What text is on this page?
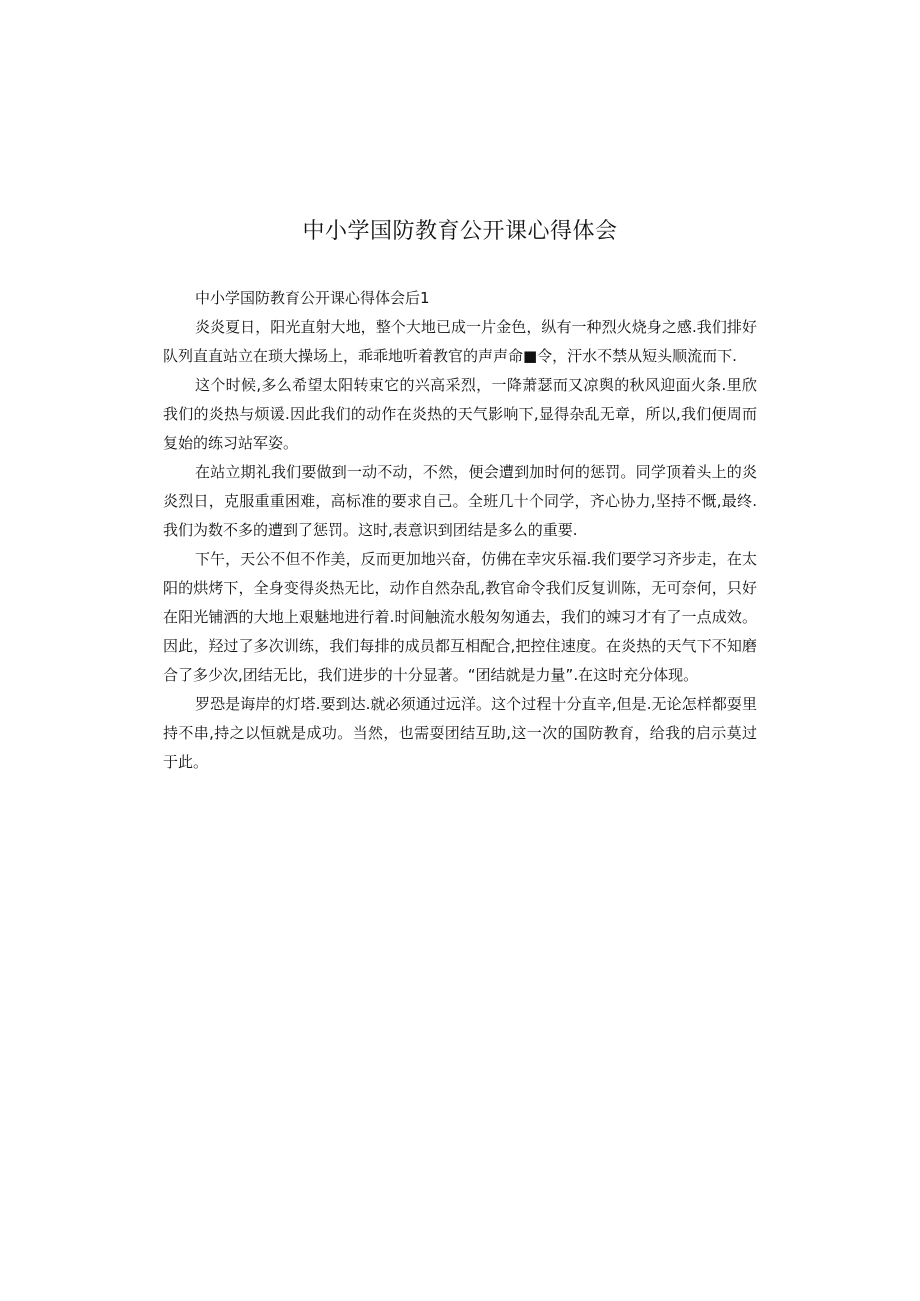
中小学国防教育公开课心得体会

中小学国防教育公开课心得体会后1

炎炎夏日，阳光直射大地，整个大地已成一片金色，纵有一种烈火烧身之感.我们排好队列直直站立在琐大操场上，乖乖地听着教官的声声命■令，汗水不禁从短头顺流而下.

这个时候,多么希望太阳转束它的兴高采烈，一降萧瑟而又凉舆的秋风迎面火条.里欣我们的炎热与烦谖.因此我们的动作在炎热的天气影响下,显得杂乱无章，所以,我们便周而复始的练习站军姿。

在站立期礼我们要做到一动不动，不然，便会遭到加时何的惩罚。同学顶着头上的炎炎烈日，克服重重困难，高标准的要求自己。全班几十个同学，齐心协力,坚持不慨,最终.我们为数不多的遭到了惩罚。这时,表意识到团结是多么的重要.

下午，天公不但不作美，反而更加地兴奋，仿佛在幸灾乐福.我们要学习齐步走，在太阳的烘烤下，全身变得炎热无比，动作自然杂乱,教官命令我们反复训陈，无可奈何，只好在阳光铺洒的大地上艰魅地进行着.时间触流水般匆匆通去，我们的竦习才有了一点成效。因此，羟过了多次训练，我们每排的成员都互相配合,把控住速度。在炎热的天气下不知磨合了多少次,团结无比，我们进步的十分显著。“团结就是力量”.在这时充分体现。

罗恐是诲岸的灯塔.要到达.就必须通过远洋。这个过程十分直辛,但是.无论怎样都耍里持不串,持之以恒就是成功。当然，也需耍团结互助,这一次的国防教育，给我的启示莫过于此。
